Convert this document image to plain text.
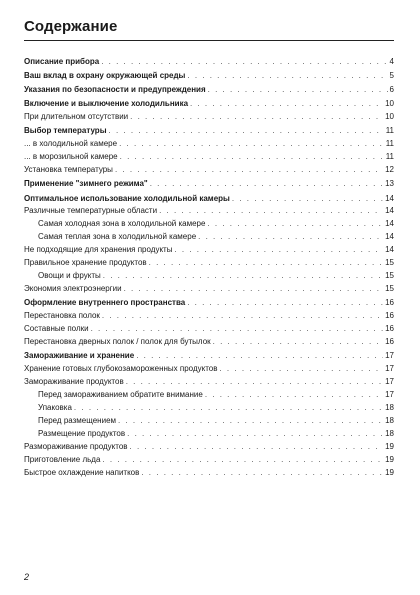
Содержание
Описание прибора . . .	4
Ваш вклад в охрану окружающей среды . . .	5
Указания по безопасности и предупреждения . . .	6
Включение и выключение холодильника . . .	10
При длительном отсутствии . . .	10
Выбор температуры . . .	11
... в холодильной камере . . .	11
... в морозильной камере . . .	11
Установка температуры . . .	12
Применение "зимнего режима" . . .	13
Оптимальное использование холодильной камеры . . .	14
Различные температурные области . . .	14
Самая холодная зона в холодильной камере . . .	14
Самая теплая зона в холодильной камере . . .	14
Не подходящие для хранения продукты . . .	14
Правильное хранение продуктов . . .	15
Овощи и фрукты . . .	15
Экономия электроэнергии . . .	15
Оформление внутреннего пространства . . .	16
Перестановка полок . . .	16
Составные полки . . .	16
Перестановка дверных полок / полок для бутылок . . .	16
Замораживание и хранение . . .	17
Хранение готовых глубокозамороженных продуктов . . .	17
Замораживание продуктов . . .	17
Перед замораживанием обратите внимание . . .	17
Упаковка . . .	18
Перед размещением . . .	18
Размещение продуктов . . .	18
Размораживание продуктов . . .	19
Приготовление льда . . .	19
Быстрое охлаждение напитков . . .	19
2
